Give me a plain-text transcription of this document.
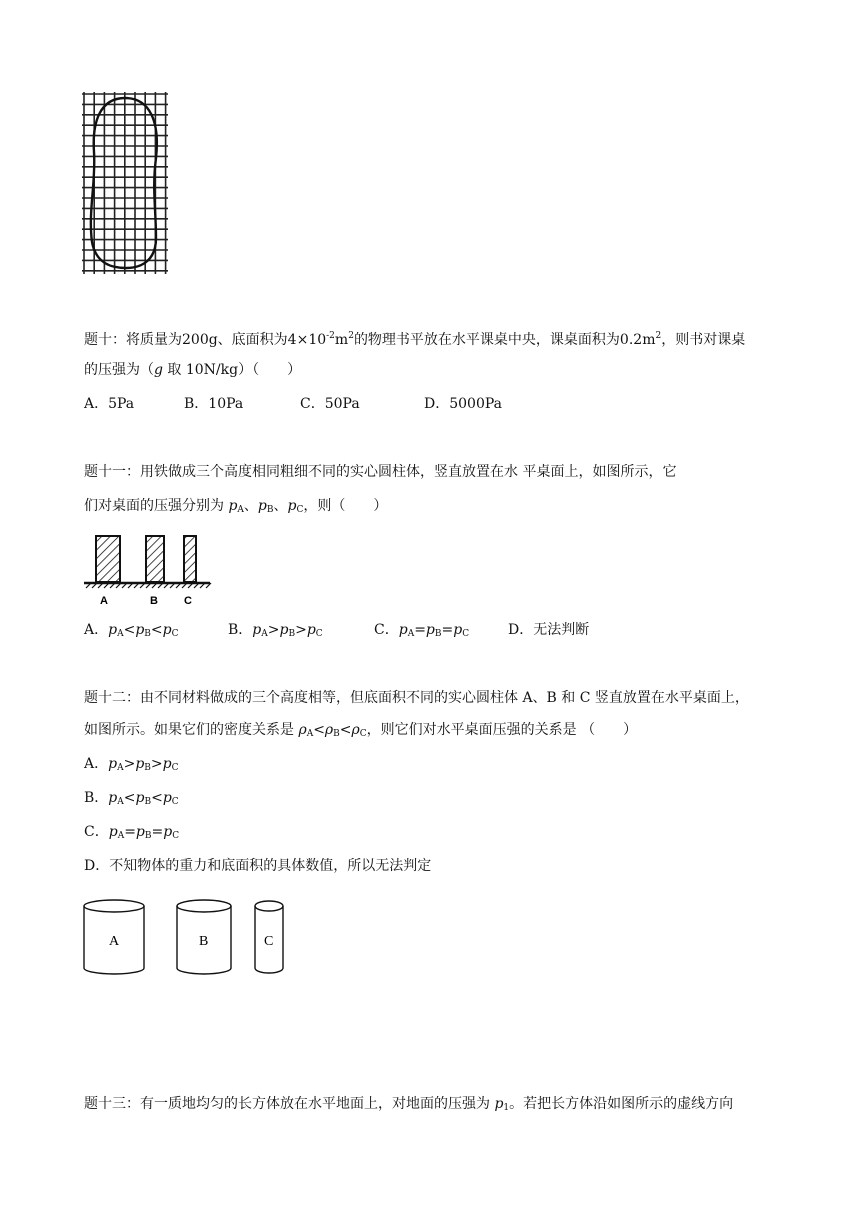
题十：将质量为200g、底面积为$4\times 10^{-2}m^2$的物理书平放在水平课桌中央，课桌面积为$0.2m^2$，则书对课桌
的压强为（g 取 10N/kg）（　　）
A．5Pa	B．10Pa	C．50Pa	D．5000Pa
题十一：用铁做成三个高度相同粗细不同的实心圆柱体，竖直放置在水 平桌面上，如图所示，它
们对桌面的压强分别为 $p_A$、$p_B$、$p_C$，则（　　）
A	B C
A．$p_A<p_B<p_C$	B．$p_A>p_B>p_C$	C．$p_A=p_B=p_C$	D．无法判断
题十二：由不同材料做成的三个高度相等，但底面积不同的实心圆柱体 A、B 和 C 竖直放置在水平桌面上，
如图所示。如果它们的密度关系是 $\rho_A<\rho_B<\rho_C$，则它们对水平桌面压强的关系是 （　　）
A．$p_A>p_B>p_C$
B．$p_A<p_B<p_C$
C．$p_A=p_B=p_C$
D．不知物体的重力和底面积的具体数值，所以无法判定
A	B	C
题十三：有一质地均匀的长方体放在水平地面上，对地面的压强为 $p_1$。若把长方体沿如图所示的虚线方向
